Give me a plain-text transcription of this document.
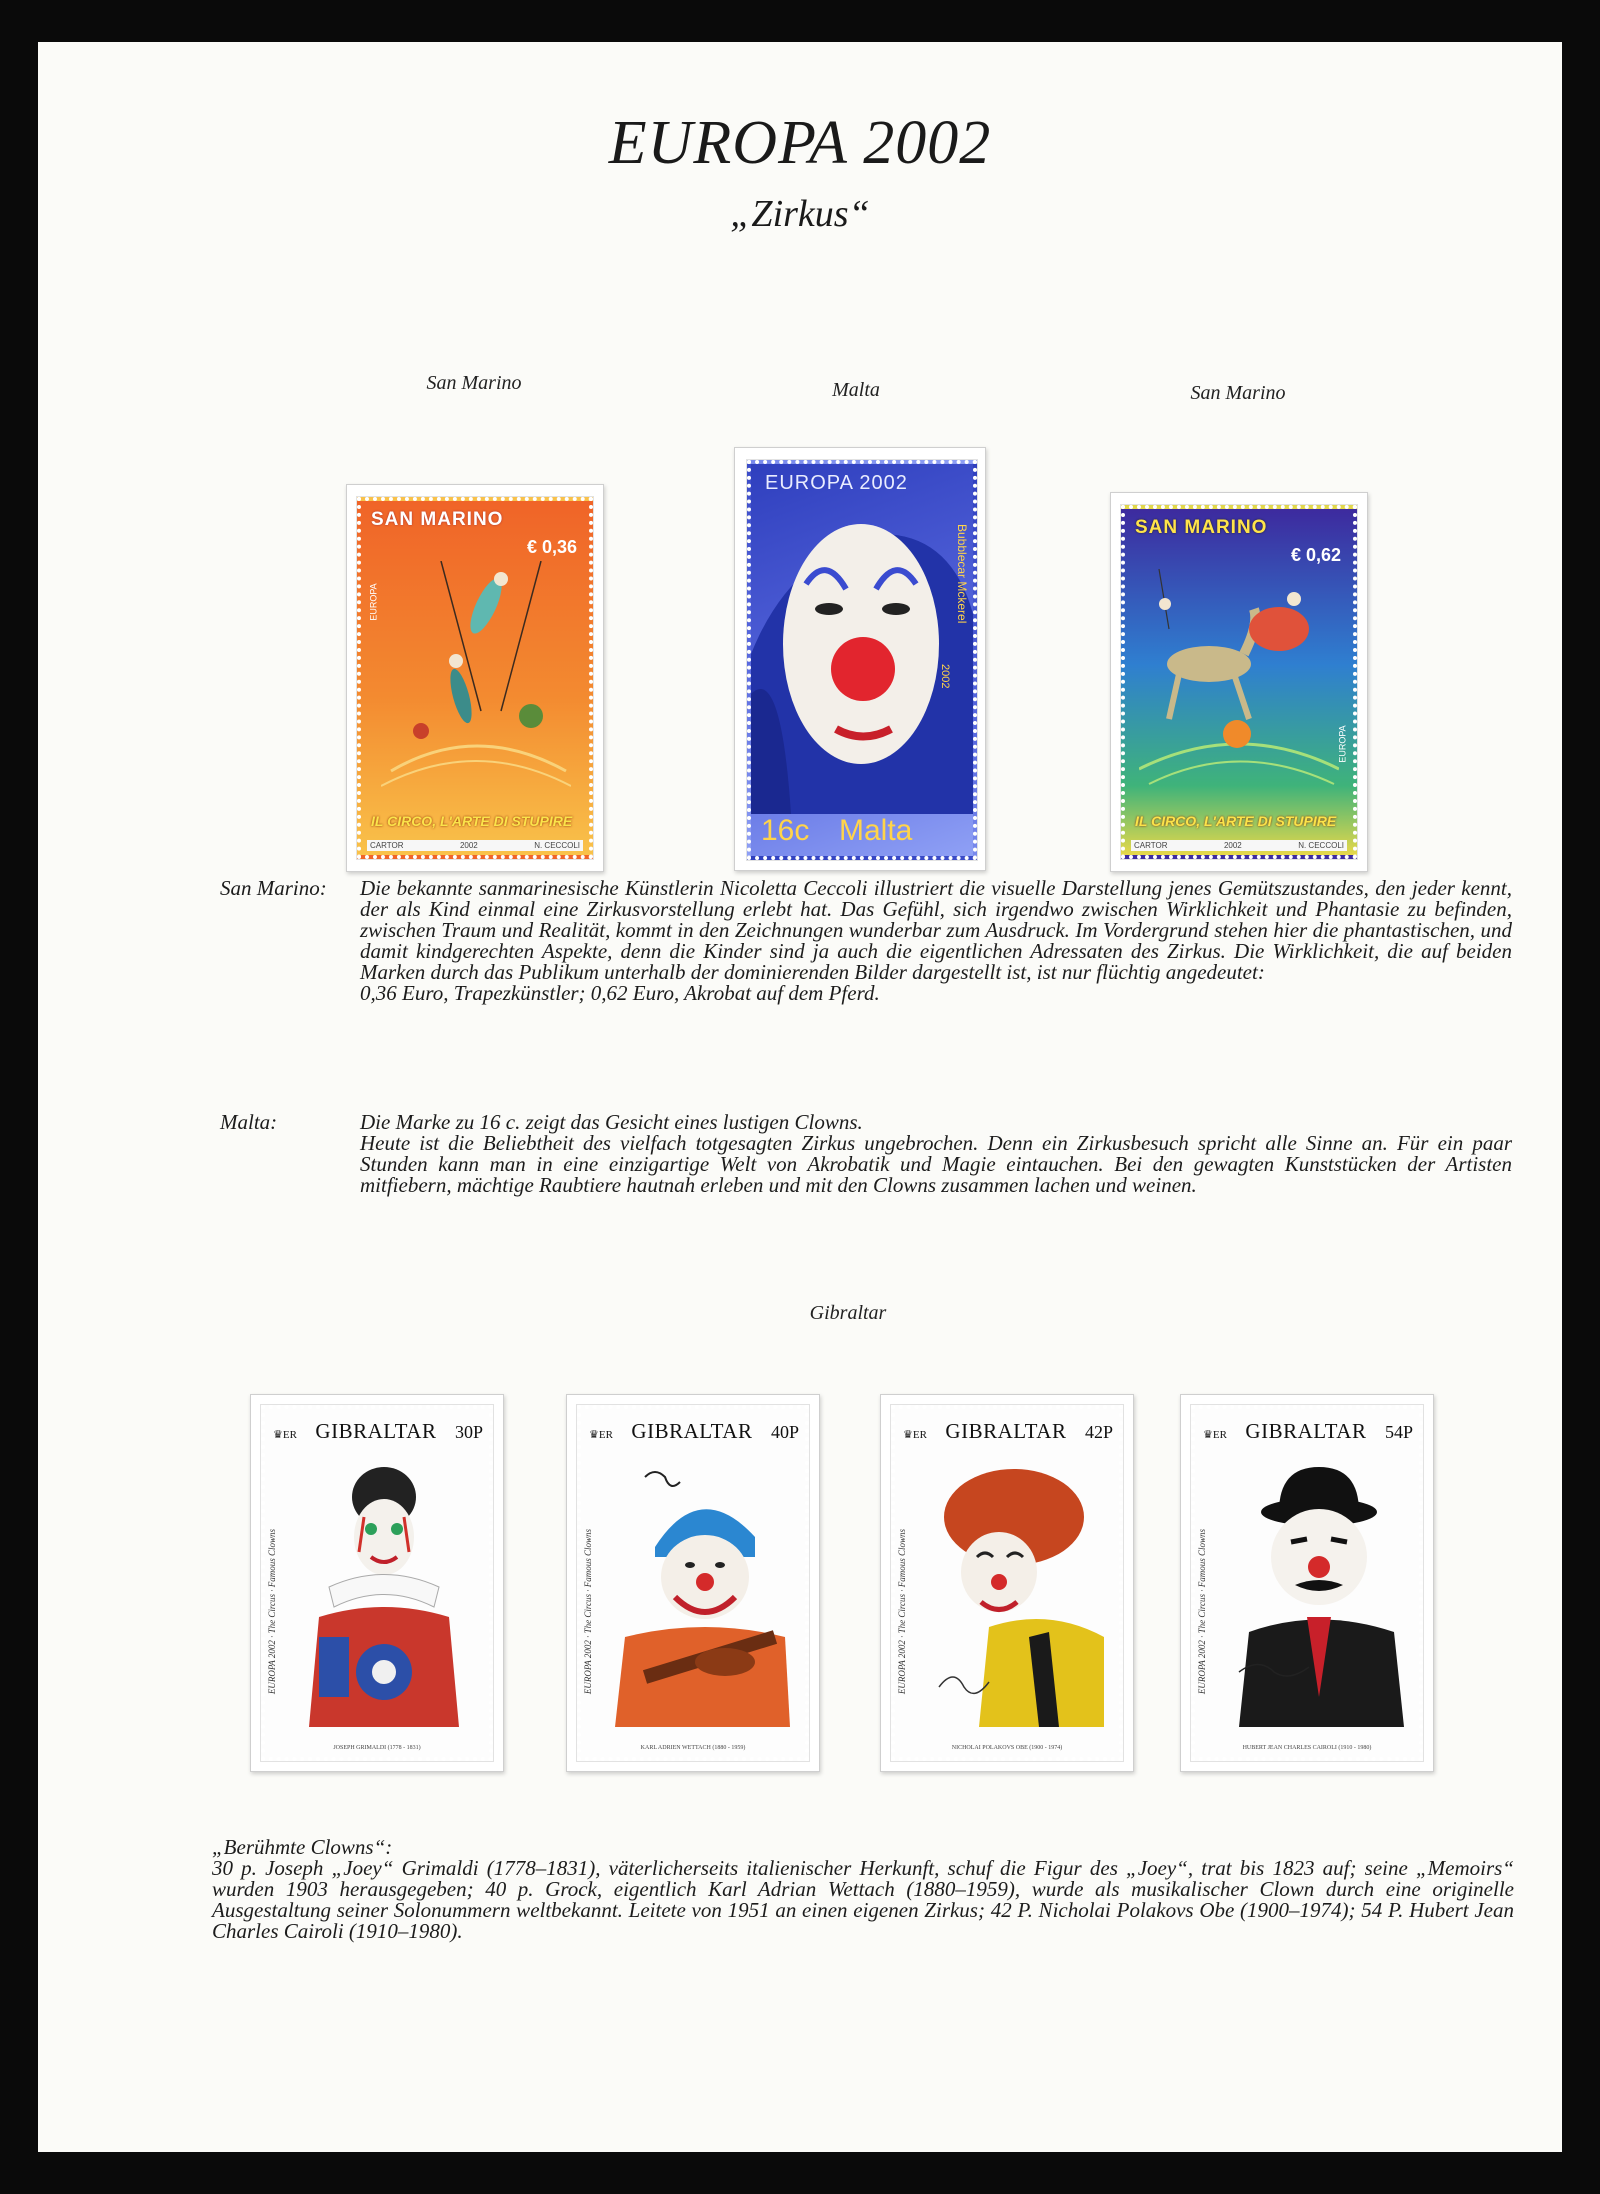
EUROPA 2002
„Zirkus“
San Marino	Malta	San Marino
SAN MARINO
€ 0,36
EUROPA
IL CIRCO, L'ARTE DI STUPIRE
CARTOR	2002	N. CECCOLI
EUROPA 2002
Bubblecar Mckerel
2002
16c Malta
SAN MARINO
€ 0,62
EUROPA
IL CIRCO, L'ARTE DI STUPIRE
CARTOR	2002	N. CECCOLI
San Marino: Die bekannte sanmarinesische Künstlerin Nicoletta Ceccoli illustriert die visuelle Darstellung jenes Gemütszustandes, den jeder kennt, der als Kind einmal eine Zirkusvorstellung erlebt hat. Das Gefühl, sich irgendwo zwischen Wirklichkeit und Phantasie zu befinden, zwischen Traum und Realität, kommt in den Zeichnungen wunderbar zum Ausdruck. Im Vordergrund stehen hier die phantastischen, und damit kindgerechten Aspekte, denn die Kinder sind ja auch die eigentlichen Adressaten des Zirkus. Die Wirklichkeit, die auf beiden Marken durch das Publikum unterhalb der dominierenden Bilder dargestellt ist, ist nur flüchtig angedeutet:
0,36 Euro, Trapezkünstler; 0,62 Euro, Akrobat auf dem Pferd.
Malta:	Die Marke zu 16 c. zeigt das Gesicht eines lustigen Clowns.
Heute ist die Beliebtheit des vielfach totgesagten Zirkus ungebrochen. Denn ein Zirkusbesuch spricht alle Sinne an. Für ein paar Stunden kann man in eine einzigartige Welt von Akrobatik und Magie eintauchen. Bei den gewagten Kunststücken der Artisten mitfiebern, mächtige Raubtiere hautnah erleben und mit den Clowns zusammen lachen und weinen.
Gibraltar
♛ER GIBRALTAR 30P
EUROPA 2002 · The Circus · Famous Clowns
JOSEPH GRIMALDI (1778 - 1831)
♛ER GIBRALTAR 40P
EUROPA 2002 · The Circus · Famous Clowns
KARL ADRIEN WETTACH (1880 - 1959)
♛ER GIBRALTAR 42P
EUROPA 2002 · The Circus · Famous Clowns
NICHOLAI POLAKOVS OBE (1900 - 1974)
♛ER GIBRALTAR 54P
EUROPA 2002 · The Circus · Famous Clowns
HUBERT JEAN CHARLES CAIROLI (1910 - 1980)
„Berühmte Clowns“:
30 p. Joseph „Joey“ Grimaldi (1778–1831), väterlicherseits italienischer Herkunft, schuf die Figur des „Joey“, trat bis 1823 auf; seine „Memoirs“ wurden 1903 herausgegeben; 40 p. Grock, eigentlich Karl Adrian Wettach (1880–1959), wurde als musikalischer Clown durch eine originelle Ausgestaltung seiner Solonummern weltbekannt. Leitete von 1951 an einen eigenen Zirkus; 42 P. Nicholai Polakovs Obe (1900–1974); 54 P. Hubert Jean Charles Cairoli (1910–1980).
